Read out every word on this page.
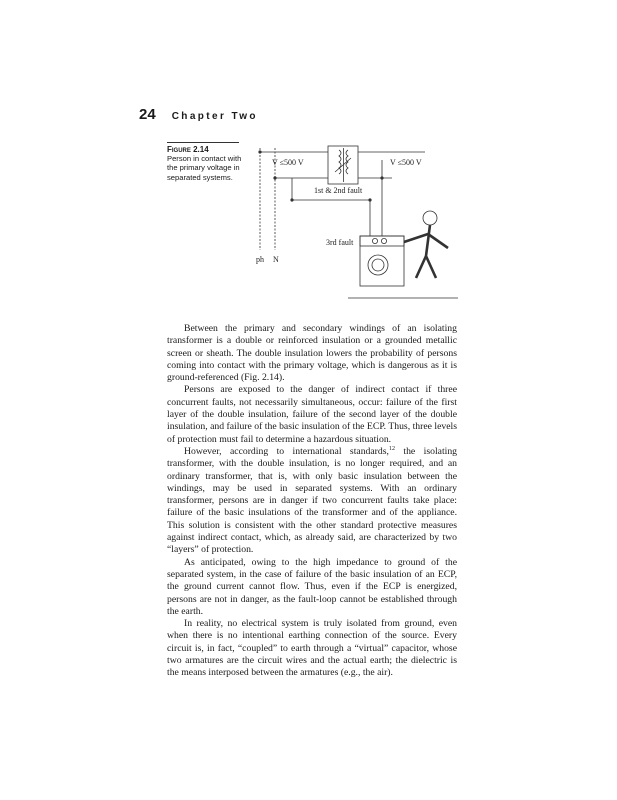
24 Chapter Two
Figure 2.14
Person in contact with the primary voltage in separated systems.
V ≤500 V	V ≤500 V
1st & 2nd fault
3rd fault
ph N

Between the primary and secondary windings of an isolating transformer is a double or reinforced insulation or a grounded metallic screen or sheath. The double insulation lowers the probability of persons coming into contact with the primary voltage, which is dangerous as it is ground-referenced (Fig. 2.14).

Persons are exposed to the danger of indirect contact if three concurrent faults, not necessarily simultaneous, occur: failure of the first layer of the double insulation, failure of the second layer of the double insulation, and failure of the basic insulation of the ECP. Thus, three levels of protection must fail to determine a hazardous situation.

However, according to international standards,$^{12}$ the isolating transformer, with the double insulation, is no longer required, and an ordinary transformer, that is, with only basic insulation between the windings, may be used in separated systems. With an ordinary transformer, persons are in danger if two concurrent faults take place: failure of the basic insulations of the transformer and of the appliance. This solution is consistent with the other standard protective measures against indirect contact, which, as already said, are characterized by two “layers” of protection.

As anticipated, owing to the high impedance to ground of the separated system, in the case of failure of the basic insulation of an ECP, the ground current cannot flow. Thus, even if the ECP is energized, persons are not in danger, as the fault-loop cannot be established through the earth.

In reality, no electrical system is truly isolated from ground, even when there is no intentional earthing connection of the source. Every circuit is, in fact, “coupled” to earth through a “virtual” capacitor, whose two armatures are the circuit wires and the actual earth; the dielectric is the means interposed between the armatures (e.g., the air).
